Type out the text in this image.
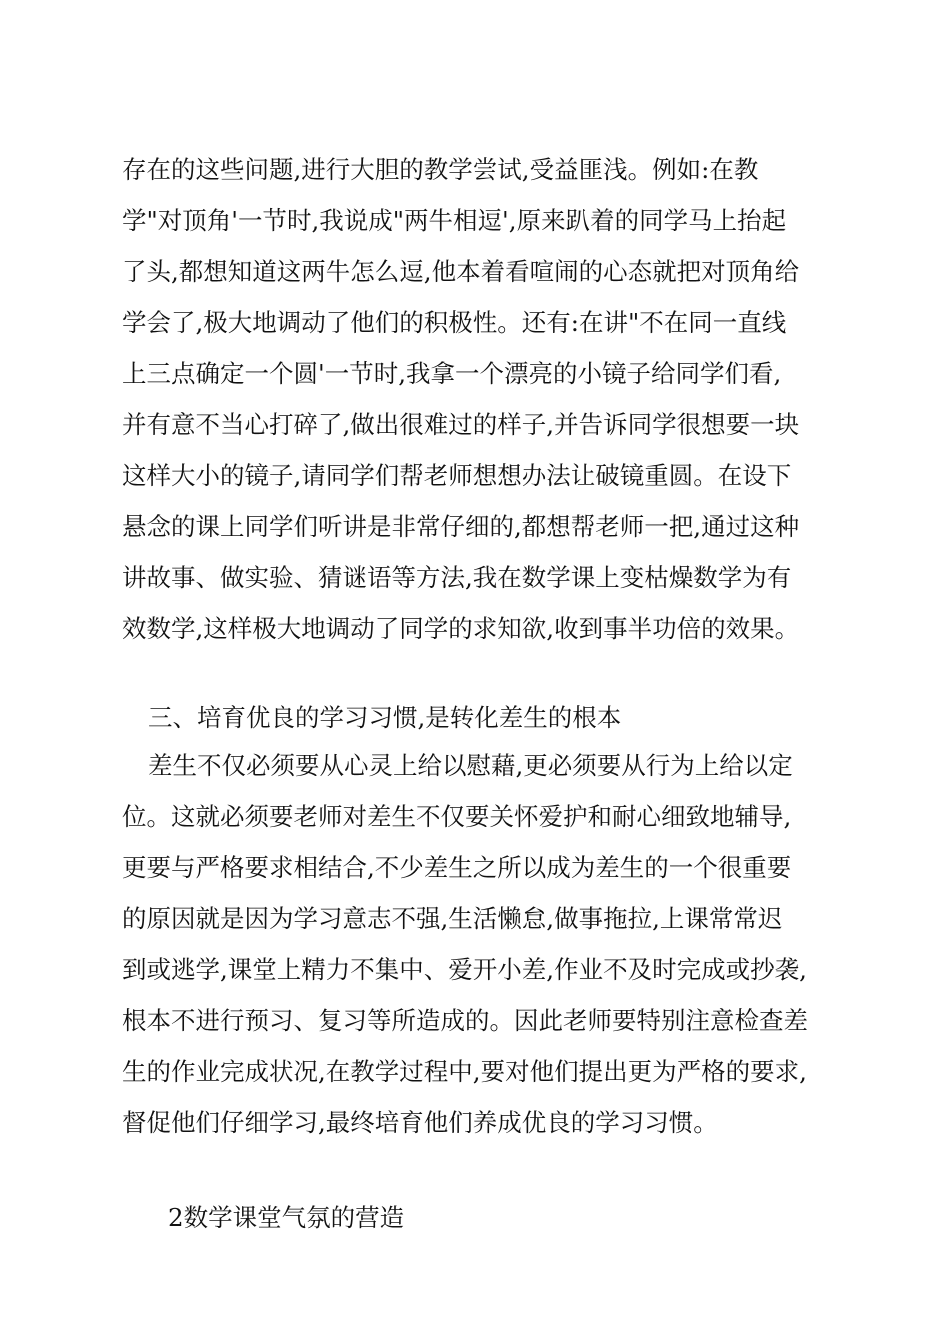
存在的这些问题,进行大胆的教学尝试,受益匪浅。例如:在教
学"对顶角'一节时,我说成"两牛相逗',原来趴着的同学马上抬起
了头,都想知道这两牛怎么逗,他本着看喧闹的心态就把对顶角给
学会了,极大地调动了他们的积极性。还有:在讲"不在同一直线
上三点确定一个圆'一节时,我拿一个漂亮的小镜子给同学们看,
并有意不当心打碎了,做出很难过的样子,并告诉同学很想要一块
这样大小的镜子,请同学们帮老师想想办法让破镜重圆。在设下
悬念的课上同学们听讲是非常仔细的,都想帮老师一把,通过这种
讲故事、做实验、猜谜语等方法,我在数学课上变枯燥数学为有
效数学,这样极大地调动了同学的求知欲,收到事半功倍的效果。
三、培育优良的学习习惯,是转化差生的根本
差生不仅必须要从心灵上给以慰藉,更必须要从行为上给以定
位。这就必须要老师对差生不仅要关怀爱护和耐心细致地辅导,
更要与严格要求相结合,不少差生之所以成为差生的一个很重要
的原因就是因为学习意志不强,生活懒怠,做事拖拉,上课常常迟
到或逃学,课堂上精力不集中、爱开小差,作业不及时完成或抄袭,
根本不进行预习、复习等所造成的。因此老师要特别注意检查差
生的作业完成状况,在教学过程中,要对他们提出更为严格的要求,
督促他们仔细学习,最终培育他们养成优良的学习习惯。
2数学课堂气氛的营造
